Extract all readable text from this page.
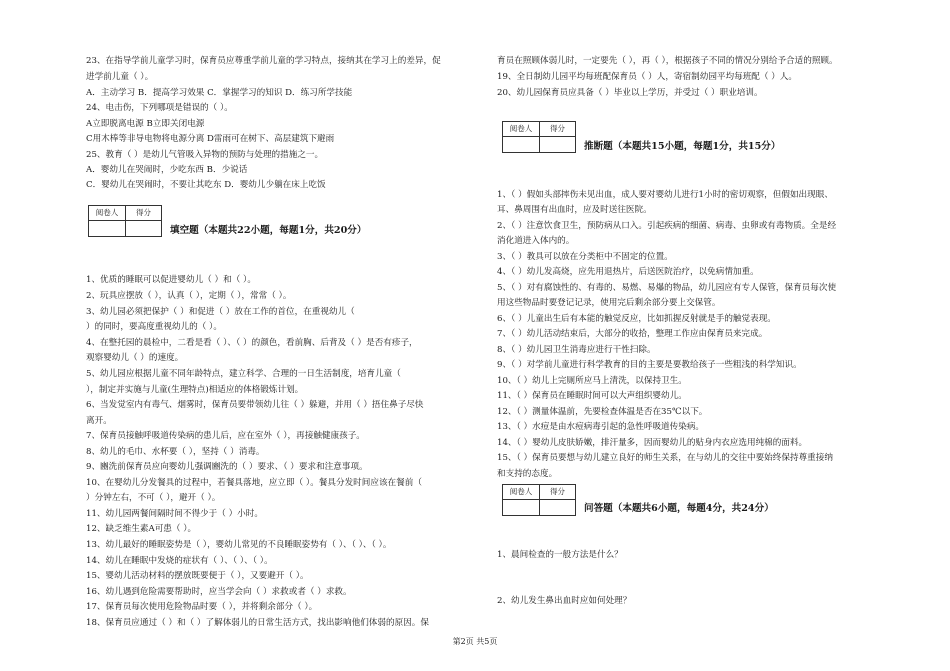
23、在指导学前儿童学习时，保育员应尊重学前儿童的学习特点，接纳其在学习上的差异，促
进学前儿童（ ）。
A．主动学习 B．提高学习效果 C．掌握学习的知识 D．练习所学技能
24、电击伤，下列哪项是错误的（ ）。
A立即脱离电源 B立即关闭电源
C用木棒等非导电物将电源分离 D雷雨可在树下、高层建筑下避雨
25、教育（ ）是幼儿气管吸入异物的预防与处理的措施之一。
A．婴幼儿在哭闹时，少吃东西 B．少说话
C．婴幼儿在哭闹时，不要让其吃东 D．婴幼儿少躺在床上吃饭
阅卷人	得分
填空题（本题共22小题，每题1分，共20分）
1、优质的睡眠可以促进婴幼儿（ ）和（ ）。
2、玩具应摆放（ ），认真（ ），定期（ ），常常（ ）。
3、幼儿园必须把保护（ ）和促进（ ）放在工作的首位，在重视幼儿（
）的同时，要高度重视幼儿的（ ）。
4、在整托园的晨检中，二看是看（ ）、（ ）的颜色，看前胸、后背及（ ）是否有疹子，
观察婴幼儿（ ）的速度。
5、幼儿园应根据儿童不同年龄特点，建立科学、合理的一日生活制度，培育儿童（
），制定并实施与儿童(生理特点)相适应的体格锻炼计划。
6、当发觉室内有毒气、烟雾时，保育员要带领幼儿往（ ）躲避，并用（ ）捂住鼻子尽快
离开。
7、保育员接触呼吸道传染病的患儿后，应在室外（ ），再接触健康孩子。
8、幼儿的毛巾、水杯要（ ），坚持（ ）消毒。
9、豳洗前保育员应向婴幼儿强调豳洗的（ ）要求、（ ）要求和注意事项。
10、在婴幼儿分发餐具的过程中，若餐具落地，应立即（ ）。餐具分发时间应该在餐前（
）分钟左右，不可（ ），避开（ ）。
11、幼儿园两餐间隔时间不得少于（ ）小时。
12、缺乏维生素A可患（ ）。
13、幼儿最好的睡眠姿势是（ ），婴幼儿常见的不良睡眠姿势有（ ）、（ ）、（ ）。
14、幼儿在睡眠中发烧的症状有（ ）、（ ）、（ ）。
15、婴幼儿活动材料的摆放既要便于（ ），又要避开（ ）。
16、幼儿遇到危险需要帮助时，应当学会向（ ）求救或者（ ）求救。
17、保育员每次使用危险物品时要（ ），并将剩余部分（ ）。
18、保育员应通过（ ）和（ ）了解体弱儿的日常生活方式，找出影响他们体弱的原因。保
育员在照顾体弱儿时，一定要先（ ），再（ ），根据孩子不同的情况分别给予合适的照顾。
19、全日制幼儿园平均每班配保育员（ ）人，寄宿制幼园平均每班配（ ）人。
20、幼儿园保育员应具备（ ）毕业以上学历，并受过（ ）职业培训。
阅卷人	得分
推断题（本题共15小题，每题1分，共15分）
1、（ ）假如头部摔伤未见出血，成人要对婴幼儿进行1小时的密切观察，但假如出现眼、
耳、鼻周围有出血时，应及时送往医院。
2、（ ）注意饮食卫生，预防病从口入。引起疾病的细菌、病毒、虫卵或有毒物质。全是经
消化道进入体内的。
3、（ ）教具可以放在分类柜中不固定的位置。
4、（ ）幼儿发高烧，应先用退热片，后送医院治疗，以免病情加重。
5、（ ）对有腐蚀性的、有毒的、易燃、易爆的物品，幼儿园应有专人保管，保育员每次使
用这些物品时要登记记录，使用完后剩余部分要上交保管。
6、（ ）儿童出生后有本能的触觉反应，比如抓握反射就是手的触觉表现。
7、（ ）幼儿活动结束后，大部分的收拾，整理工作应由保育员来完成。
8、（ ）幼儿园卫生消毒应进行干性扫除。
9、（ ）对学前儿童进行科学教育的目的主要是要教给孩子一些粗浅的科学知识。
10、（ ）幼儿上完厕所应马上清洗，以保持卫生。
11、（ ）保育员在睡眠时间可以大声组织婴幼儿。
12、（ ）测量体温前，先要检查体温是否在35℃以下。
13、（ ）水痘是由水痘病毒引起的急性呼吸道传染病。
14、（ ）婴幼儿皮肤娇嫩，排汗量多，因而婴幼儿的贴身内衣应选用纯棉的面料。
15、（ ）保育员要想与幼儿建立良好的师生关系，在与幼儿的交往中要始终保持尊重接纳
和支持的态度。
阅卷人	得分
问答题（本题共6小题，每题4分，共24分）
1、晨间检查的一般方法是什么？
2、幼儿发生鼻出血时应如何处理？
第2页 共5页
